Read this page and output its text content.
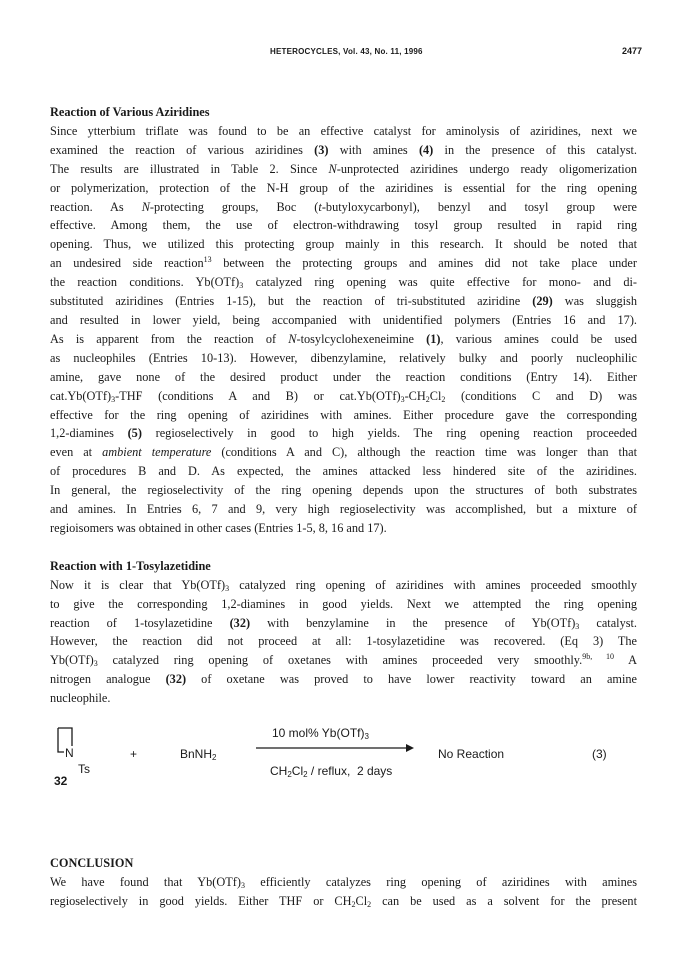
HETEROCYCLES, Vol. 43, No. 11, 1996	2477

Reaction of Various Aziridines

Since ytterbium triflate was found to be an effective catalyst for aminolysis of aziridines, next we

examined the reaction of various aziridines (3) with amines (4) in the presence of this catalyst.

The results are illustrated in Table 2. Since N-unprotected aziridines undergo ready oligomerization

or polymerization, protection of the N-H group of the aziridines is essential for the ring opening

reaction. As N-protecting groups, Boc (t-butyloxycarbonyl), benzyl and tosyl group were

effective. Among them, the use of electron-withdrawing tosyl group resulted in rapid ring

opening. Thus, we utilized this protecting group mainly in this research. It should be noted that

an undesired side reaction$^{13}$ between the protecting groups and amines did not take place under

the reaction conditions. $Yb(OTf)_3$ catalyzed ring opening was quite effective for mono- and di-

substituted aziridines (Entries 1-15), but the reaction of tri-substituted aziridine (29) was sluggish

and resulted in lower yield, being accompanied with unidentified polymers (Entries 16 and 17).

As is apparent from the reaction of N-tosylcyclohexeneimine (1), various amines could be used

as nucleophiles (Entries 10-13). However, dibenzylamine, relatively bulky and poorly nucleophilic

amine, gave none of the desired product under the reaction conditions (Entry 14). Either

$cat.Yb(OTf)_3$-THF (conditions A and B) or $cat.Yb(OTf)_3-CH_2Cl_2$ (conditions C and D) was

effective for the ring opening of aziridines with amines. Either procedure gave the corresponding

1,2-diamines (5) regioselectively in good to high yields. The ring opening reaction proceeded

even at ambient temperature (conditions A and C), although the reaction time was longer than that

of procedures B and D. As expected, the amines attacked less hindered site of the aziridines.

In general, the regioselectivity of the ring opening depends upon the structures of both substrates

and amines. In Entries 6, 7 and 9, very high regioselectivity was accomplished, but a mixture of

regioisomers was obtained in other cases (Entries 1-5, 8, 16 and 17).

Reaction with 1-Tosylazetidine

Now it is clear that $Yb(OTf)_3$ catalyzed ring opening of aziridines with amines proceeded smoothly

to give the corresponding 1,2-diamines in good yields. Next we attempted the ring opening

reaction of 1-tosylazetidine (32) with benzylamine in the presence of $Yb(OTf)_3$ catalyst.

However, the reaction did not proceed at all: 1-tosylazetidine was recovered. (Eq 3) The

$Yb(OTf)_3$ catalyzed ring opening of oxetanes with amines proceeded very smoothly.$^{9b, 10}$ A

nitrogen analogue (32) of oxetane was proved to have lower reactivity toward an amine

nucleophile.

N
Ts
32
+	BnNH$_2$
10 mol% $Yb(OTf)_3$
$CH_2Cl_2$ / reflux,  2 days
No Reaction	(3)

CONCLUSION

We have found that $Yb(OTf)_3$ efficiently catalyzes ring opening of aziridines with amines

regioselectively in good yields. Either THF or $CH_2Cl_2$ can be used as a solvent for the present
